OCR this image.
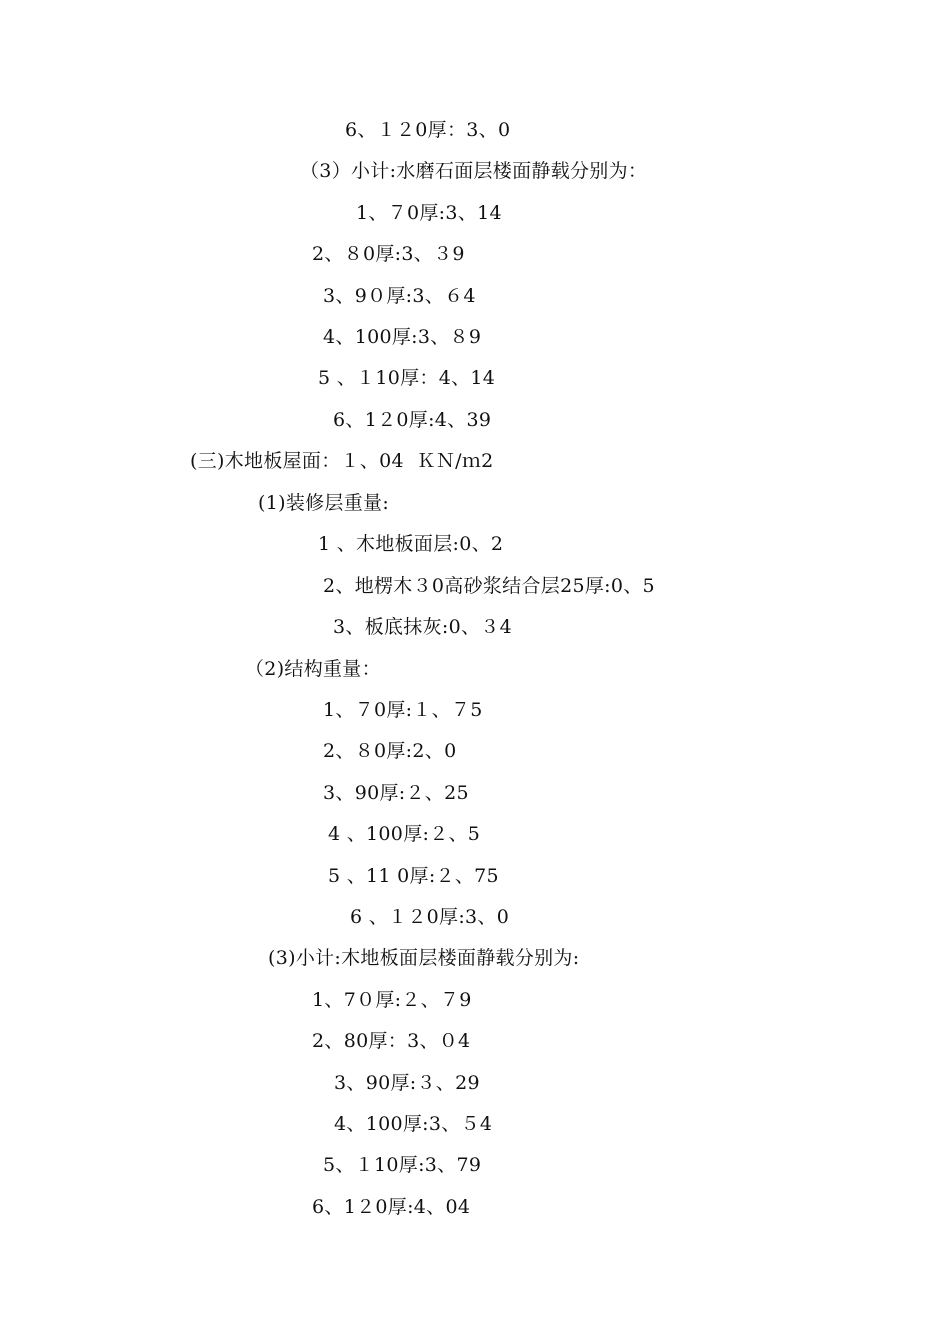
6、１２0厚：3、0
（3）小计:水磨石面层楼面静载分别为：
1、７0厚:3、14
2、８0厚:3、３9
3、9０厚:3、６4
4、100厚:3、８9
5 、１10厚：4、14
6、1２0厚:4、39
(三)木地板屋面：１、04  ＫＮ/ｍ2
(1)装修层重量:
1 、木地板面层:0、2
2、地楞木３0高砂浆结合层25厚:0、5
3、板底抹灰:0、３4
（2)结构重量：
1、７0厚:１、７5
2、８0厚:2、0
3、90厚:２、25
4 、100厚:２、5
5 、11 0厚:２、75
6 、１２0厚:3、0
(3)小计:木地板面层楼面静载分别为:
1、7０厚:２、７9
2、80厚：3、０4
3、90厚:３、29
4、100厚:3、５4
5、１10厚:3、79
6、1２0厚:4、04
